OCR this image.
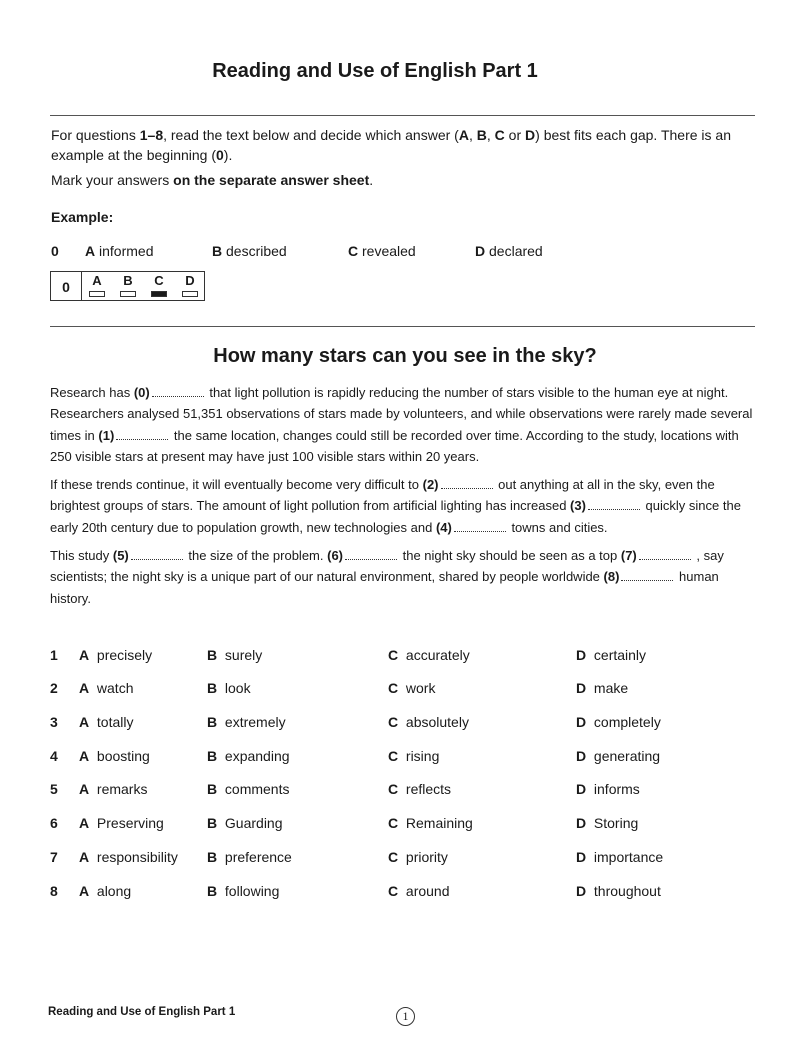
Reading and Use of English Part 1

For questions 1–8, read the text below and decide which answer (A, B, C or D) best fits each gap. There is an example at the beginning (0).

Mark your answers on the separate answer sheet.

Example:
0 A informed	B described	C revealed	D declared
0	A	B	C	D
How many stars can you see in the sky?

Research has (0)	that light pollution is rapidly reducing the number of stars visible to the human eye at night. Researchers analysed 51,351 observations of stars made by volunteers, and while observations were rarely made several times in (1)	the same location, changes could still be recorded over time. According to the study, locations with 250 visible stars at present may have just 100 visible stars within 20 years.

If these trends continue, it will eventually become very difficult to (2)	out anything at all in the sky, even the brightest groups of stars. The amount of light pollution from artificial lighting has increased (3)	quickly since the early 20th century due to population growth, new technologies and (4)	towns and cities.

This study (5)	the size of the problem. (6)	the night sky should be seen as a top (7)	, say scientists; the night sky is a unique part of our natural environment, shared by people worldwide (8)	human history.

1 A precisely	B surely	C accurately	D certainly
2 A watch	B look	C work	D make
3 A totally	B extremely	C absolutely	D completely
4 A boosting	B expanding	C rising	D generating
5 A remarks	B comments	C reflects	D informs
6 A Preserving	B Guarding	C Remaining	D Storing
7 A responsibility B preference	C priority	D importance
8 A along	B following	C around	D throughout
Reading and Use of English Part 1	1
